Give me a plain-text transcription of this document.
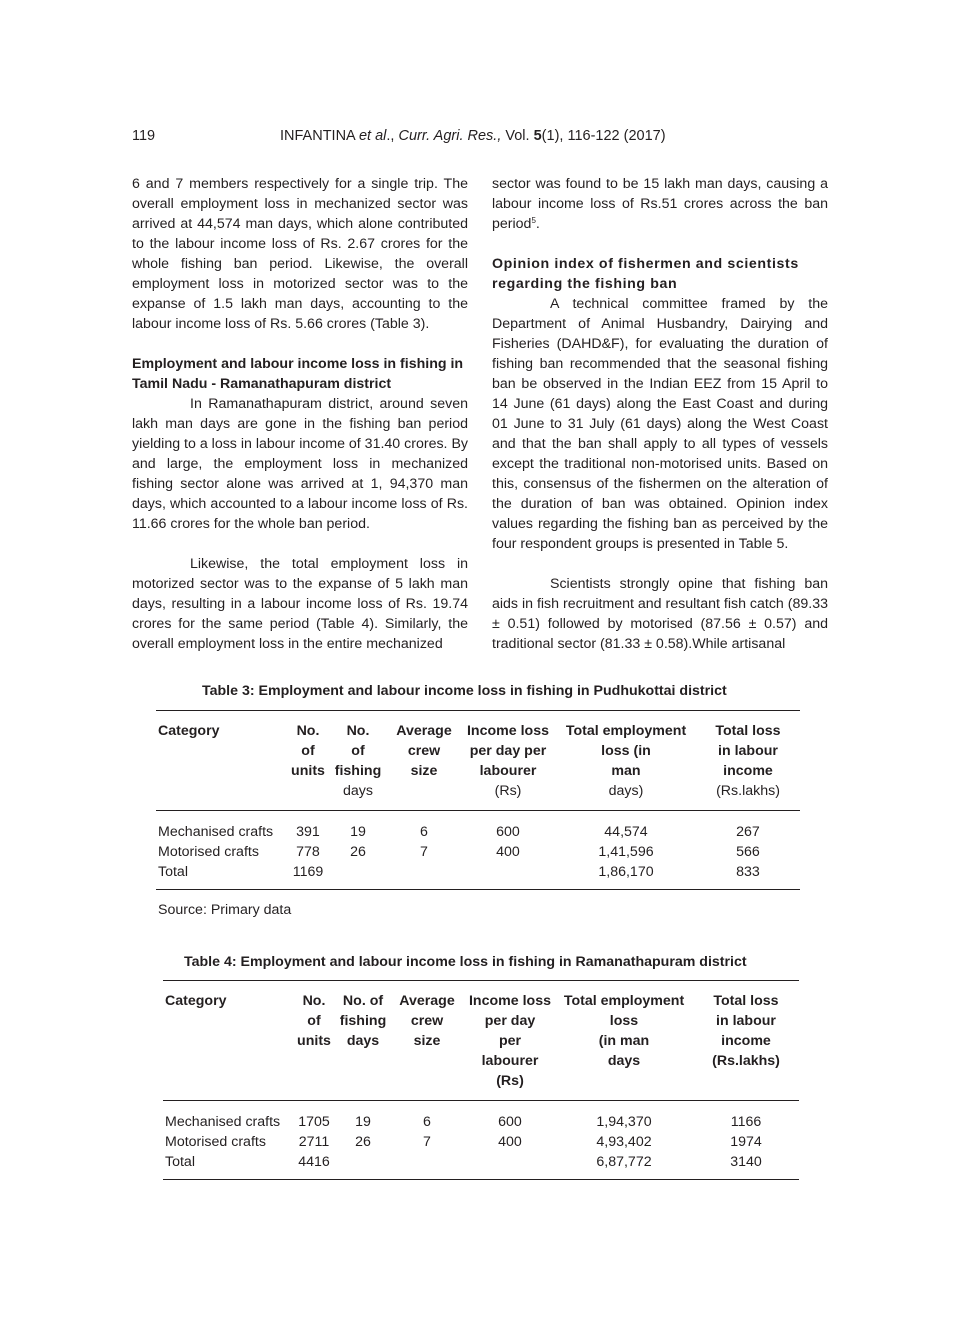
119	INFANTINA et al., Curr. Agri. Res., Vol. 5(1), 116-122 (2017)

6 and 7 members respectively for a single trip. The overall employment loss in mechanized sector was arrived at 44,574 man days, which alone contributed to the labour income loss of Rs. 2.67 crores for the whole fishing ban period. Likewise, the overall employment loss in motorized sector was to the expanse of 1.5 lakh man days, accounting to the labour income loss of Rs. 5.66 crores (Table 3).

Employment and labour income loss in fishing in Tamil Nadu - Ramanathapuram district

In Ramanathapuram district, around seven lakh man days are gone in the fishing ban period yielding to a loss in labour income of 31.40 crores. By and large, the employment loss in mechanized fishing sector alone was arrived at 1, 94,370 man days, which accounted to a labour income loss of Rs. 11.66 crores for the whole ban period.

Likewise, the total employment loss in motorized sector was to the expanse of 5 lakh man days, resulting in a labour income loss of Rs. 19.74 crores for the same period (Table 4). Similarly, the overall employment loss in the entire mechanized

sector was found to be 15 lakh man days, causing a labour income loss of Rs.51 crores across the ban period$^5$.

Opinion index of fishermen and scientists regarding the fishing ban

A technical committee framed by the Department of Animal Husbandry, Dairying and Fisheries (DAHD&F), for evaluating the duration of fishing ban recommended that the seasonal fishing ban be observed in the Indian EEZ from 15 April to 14 June (61 days) along the East Coast and during 01 June to 31 July (61 days) along the West Coast and that the ban shall apply to all types of vessels except the traditional non-motorised units. Based on this, consensus of the fishermen on the alteration of the duration of ban was obtained. Opinion index values regarding the fishing ban as perceived by the four respondent groups is presented in Table 5.

Scientists strongly opine that fishing ban aids in fish recruitment and resultant fish catch (89.33 ± 0.51) followed by motorised (87.56 ± 0.57) and traditional sector (81.33 ± 0.58).While artisanal

Table 3: Employment and labour income loss in fishing in Pudhukottai district
Category	No.	No.	Average	Income loss	Total employment	Total loss
	of	of	crew	per day per	loss (in	in labour
	units	fishing	size	labourer	man	income
		days		(Rs)	days)	(Rs.lakhs)
Mechanised crafts	391	19	6	600	44,574	267
Motorised crafts	778	26	7	400	1,41,596	566
Total	1169				1,86,170	833
Source: Primary data
Table 4: Employment and labour income loss in fishing in Ramanathapuram district
Category	No.	No. of	Average	Income loss	Total employment	Total loss
	of	fishing	crew	per day	loss	in labour
	units	days	size	per	(in man	income
				labourer	days	(Rs.lakhs)
				(Rs)		
Mechanised crafts	1705	19	6	600	1,94,370	1166
Motorised crafts	2711	26	7	400	4,93,402	1974
Total	4416				6,87,772	3140
